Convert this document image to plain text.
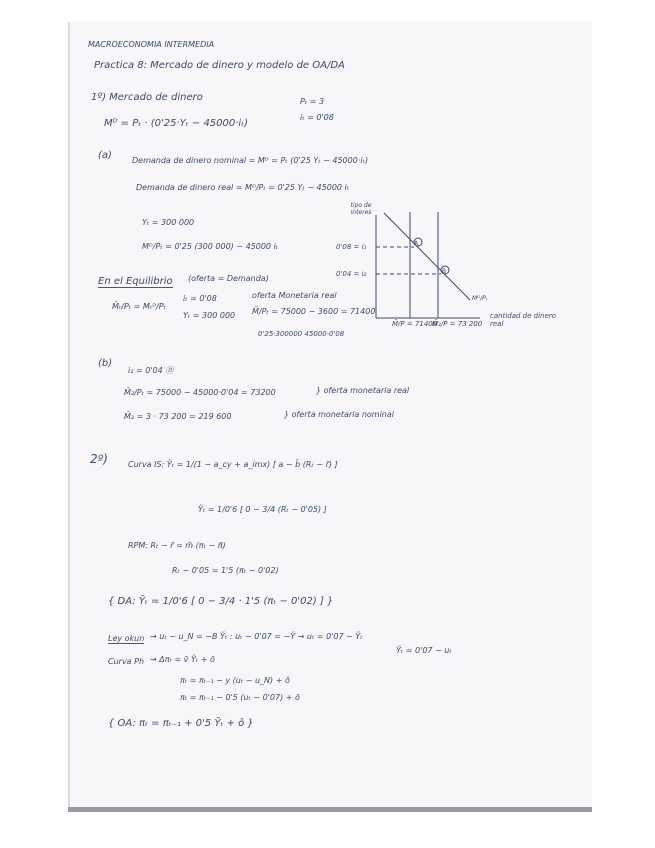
MACROECONOMIA INTERMEDIA
Practica 8: Mercado de dinero y modelo de OA/DA
1º) Mercado de dinero	Pₜ = 3
iₜ = 0'08
Mᴰ = Pₜ · (0'25·Yₜ − 45000·iₜ)
(a)	Demanda de dinero nominal = Mᴰ = Pₜ (0'25 Yₜ − 45000·iₜ)
Demanda de dinero real = Mᴰ/Pₜ = 0'25 Yₜ − 45000 iₜ
Yₜ = 300 000
Mᴰ/Pₜ = 0'25 (300 000) − 45000 iₜ
En el Equilibrio (oferta = Demanda)
M̄ₜ/Pₜ = Mₜᴰ/Pₜ
iₜ = 0'08
Yₜ = 300 000
oferta Monetaria real
M̄/Pₜ = 75000 − 3600 = 71400
0'25·300000 45000·0'08
A
B
tipo de interes
0'08 = i₁
0'04 = i₂
M̄/P = 71400
M̄₂/P = 73 200
cantidad de dinero real
Mᴰ/Pₜ
(b)
i₂ = 0'04 Ⓑ
M̄₂/Pₜ = 75000 − 45000·0'04 = 73200	} oferta monetaria real
M̄₂ = 3 · 73 200 = 219 600	} oferta monetaria nominal
2º)	Curva IS: Ỹₜ = 1/(1 − a_cy + a_imx) [ a − b̄ (Rₜ − r̄) ]
Ỹₜ = 1/0'6 [ 0 − 3/4 (Rₜ − 0'05) ]
RPM: Rₜ − r̄ = m̄ (πₜ − π̄)
Rₜ − 0'05 = 1'5 (πₜ − 0'02)
{ DA: Ỹₜ = 1/0'6 [ 0 − 3/4 · 1'5 (πₜ − 0'02) ] }
Ley okun → uₜ − u_N = −B Ỹₜ : uₜ − 0'07 = −Ỹ → uₜ = 0'07 − Ỹₜ
Ỹₜ = 0'07 − uₜ
Curva Ph → Δπₜ = ṽ Ỹₜ + ō
πₜ = πₜ₋₁ − y (uₜ − u_N) + ō
πₜ = πₜ₋₁ − 0'5 (uₜ − 0'07) + ō
{ OA: πₜ = πₜ₋₁ + 0'5 Ỹₜ + ō }
